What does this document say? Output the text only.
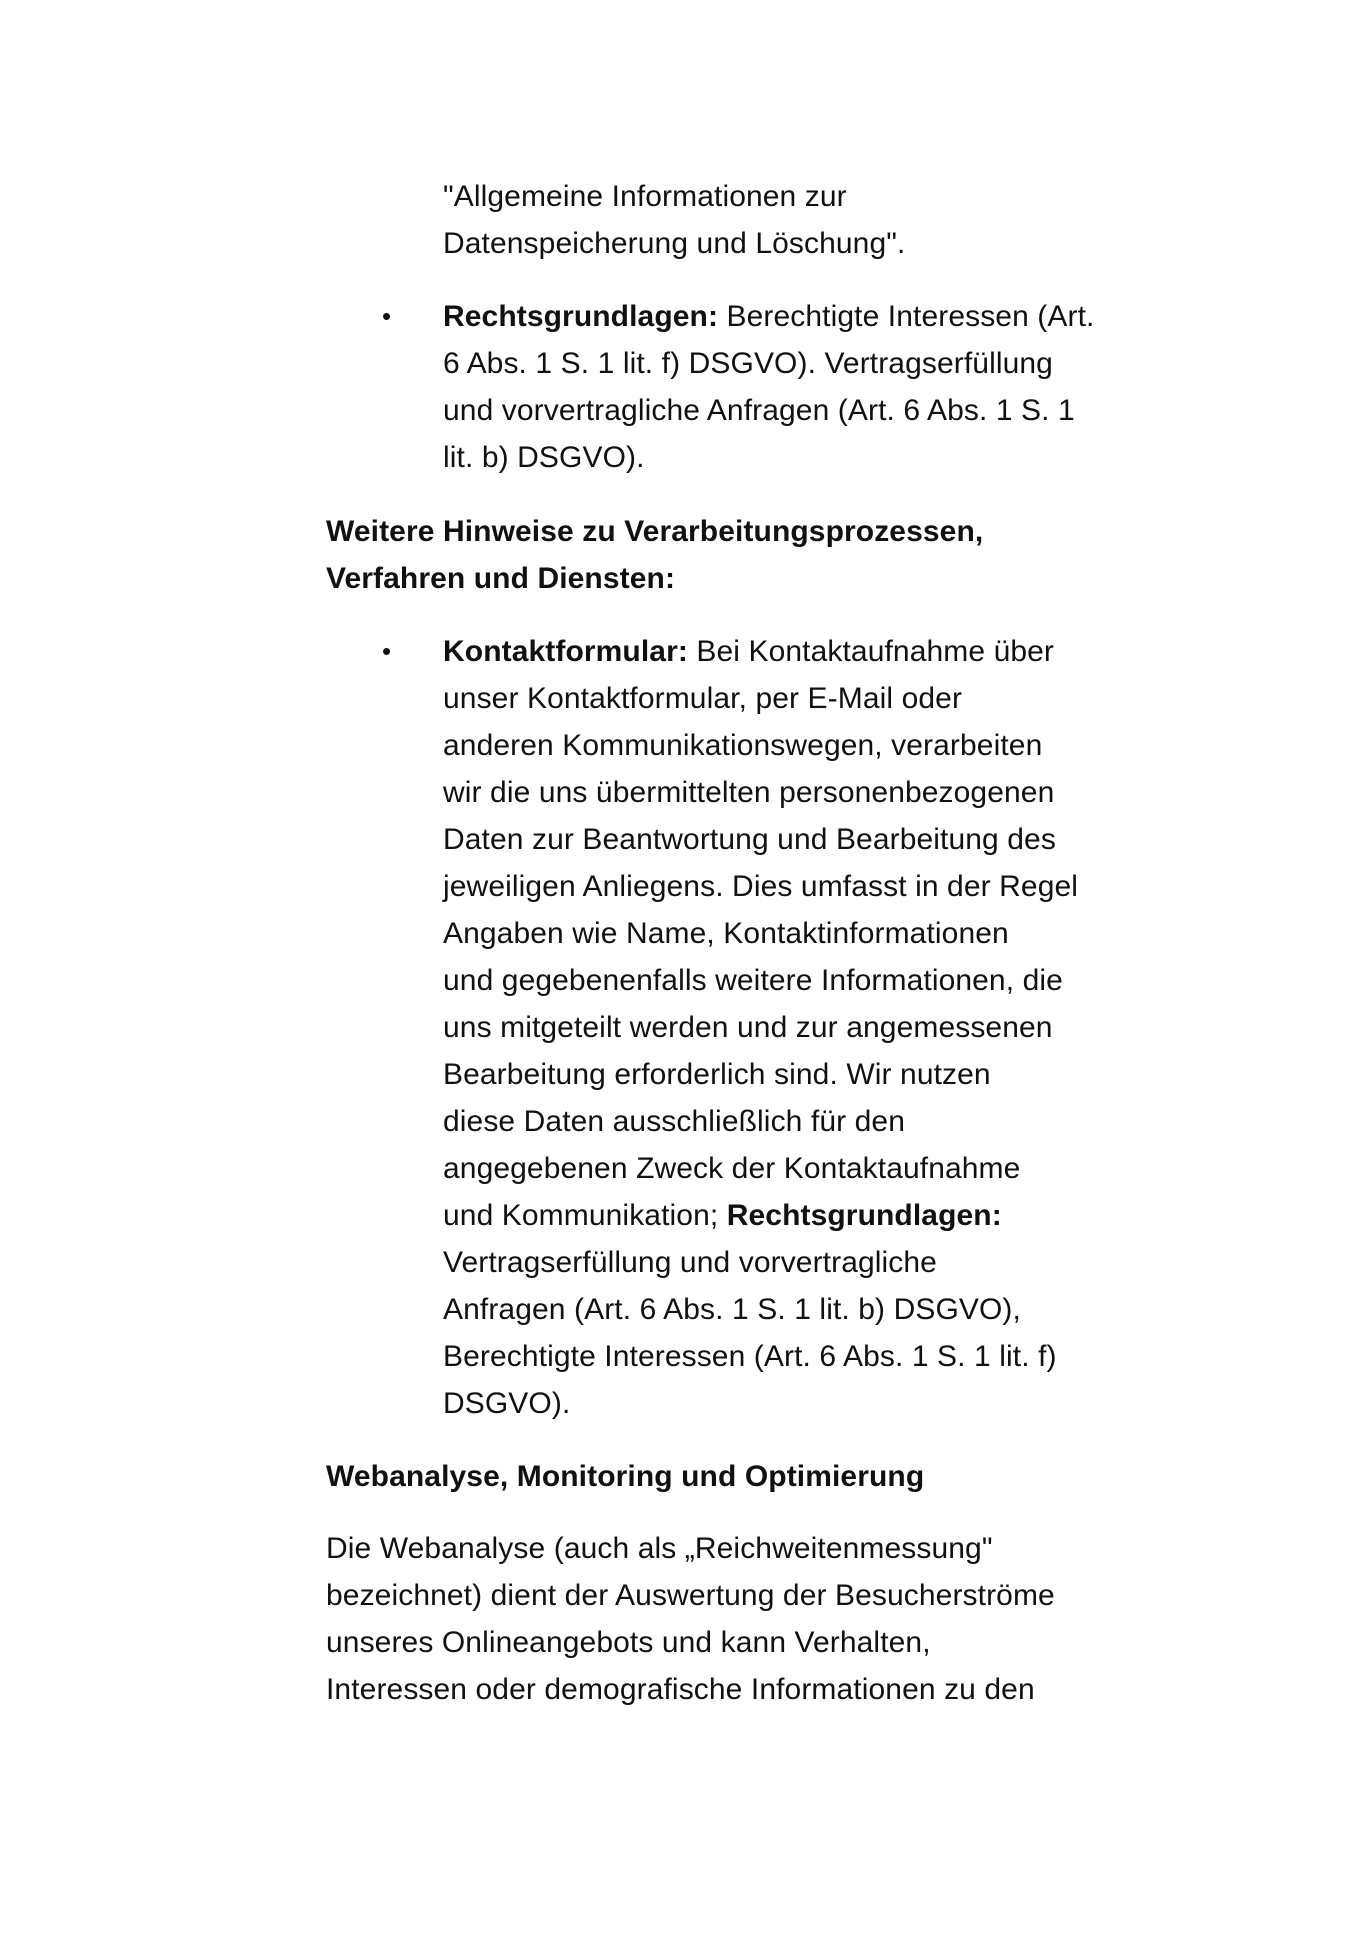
"Allgemeine Informationen zur

Datenspeicherung und Löschung".

• Rechtsgrundlagen: Berechtigte Interessen (Art.

6 Abs. 1 S. 1 lit. f) DSGVO). Vertragserfüllung

und vorvertragliche Anfragen (Art. 6 Abs. 1 S. 1

lit. b) DSGVO).

Weitere Hinweise zu Verarbeitungsprozessen,

Verfahren und Diensten:

• Kontaktformular: Bei Kontaktaufnahme über

unser Kontaktformular, per E-Mail oder

anderen Kommunikationswegen, verarbeiten

wir die uns übermittelten personenbezogenen

Daten zur Beantwortung und Bearbeitung des

jeweiligen Anliegens. Dies umfasst in der Regel

Angaben wie Name, Kontaktinformationen

und gegebenenfalls weitere Informationen, die

uns mitgeteilt werden und zur angemessenen

Bearbeitung erforderlich sind. Wir nutzen

diese Daten ausschließlich für den

angegebenen Zweck der Kontaktaufnahme

und Kommunikation; Rechtsgrundlagen:

Vertragserfüllung und vorvertragliche

Anfragen (Art. 6 Abs. 1 S. 1 lit. b) DSGVO),

Berechtigte Interessen (Art. 6 Abs. 1 S. 1 lit. f)

DSGVO).

Webanalyse, Monitoring und Optimierung

Die Webanalyse (auch als „Reichweitenmessung"

bezeichnet) dient der Auswertung der Besucherströme

unseres Onlineangebots und kann Verhalten,

Interessen oder demografische Informationen zu den
